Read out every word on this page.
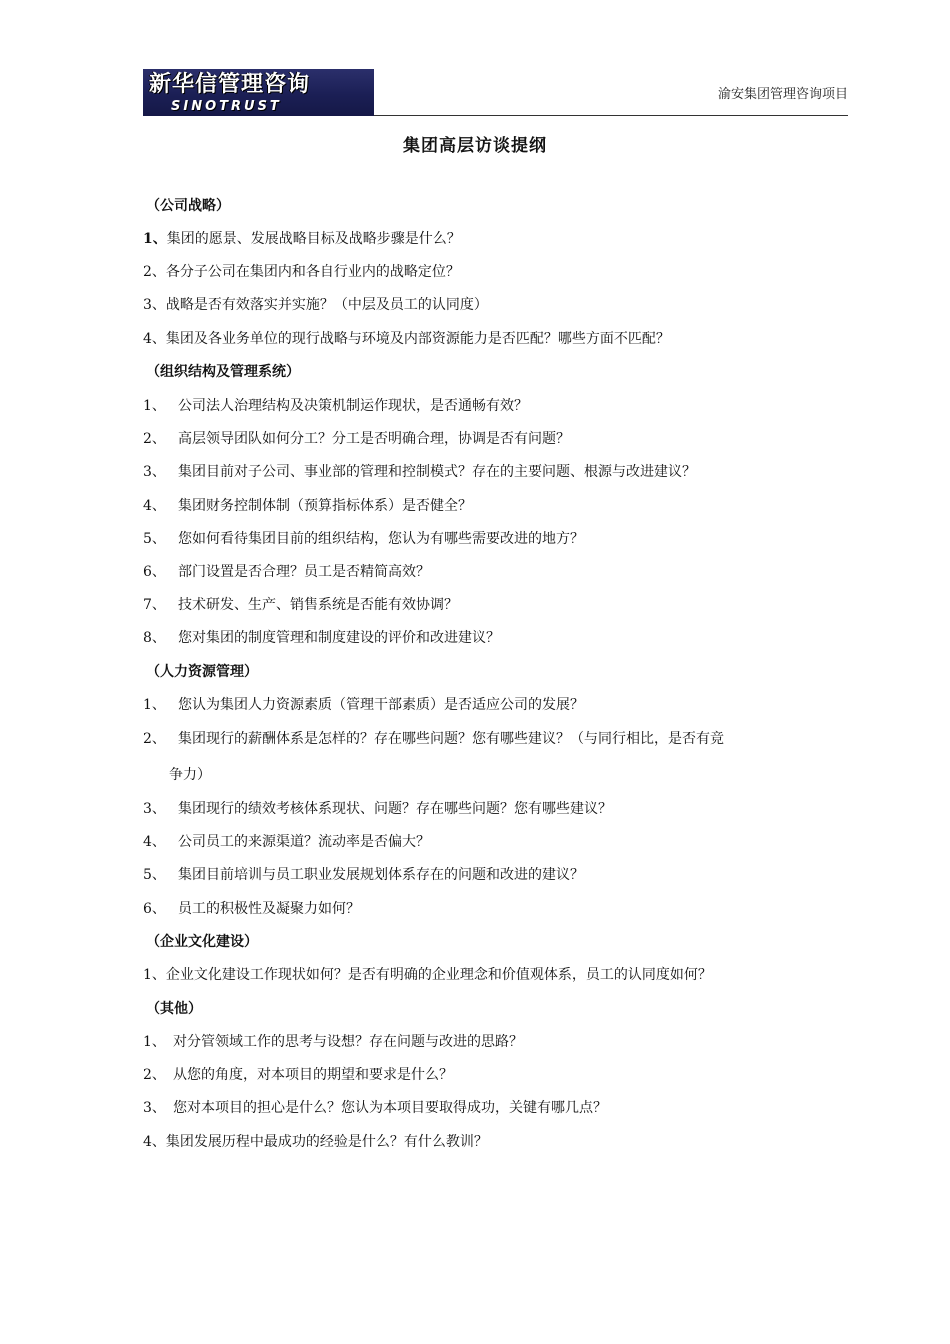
新华信管理咨询
SINOTRUST
渝安集团管理咨询项目
集团高层访谈提纲
（公司战略）
1、集团的愿景、发展战略目标及战略步骤是什么？
2、各分子公司在集团内和各自行业内的战略定位？
3、战略是否有效落实并实施？（中层及员工的认同度）
4、集团及各业务单位的现行战略与环境及内部资源能力是否匹配？哪些方面不匹配？
（组织结构及管理系统）
1、 公司法人治理结构及决策机制运作现状，是否通畅有效？
2、 高层领导团队如何分工？分工是否明确合理，协调是否有问题？
3、 集团目前对子公司、事业部的管理和控制模式？存在的主要问题、根源与改进建议？
4、 集团财务控制体制（预算指标体系）是否健全？
5、 您如何看待集团目前的组织结构，您认为有哪些需要改进的地方？
6、 部门设置是否合理？员工是否精简高效？
7、 技术研发、生产、销售系统是否能有效协调？
8、 您对集团的制度管理和制度建设的评价和改进建议？
（人力资源管理）
1、 您认为集团人力资源素质（管理干部素质）是否适应公司的发展？
2、 集团现行的薪酬体系是怎样的？存在哪些问题？您有哪些建议？（与同行相比，是否有竞
争力）
3、 集团现行的绩效考核体系现状、问题？存在哪些问题？您有哪些建议？
4、 公司员工的来源渠道？流动率是否偏大？
5、 集团目前培训与员工职业发展规划体系存在的问题和改进的建议？
6、 员工的积极性及凝聚力如何？
（企业文化建设）
1、企业文化建设工作现状如何？是否有明确的企业理念和价值观体系，员工的认同度如何？
（其他）
1、 对分管领域工作的思考与设想？存在问题与改进的思路？
2、 从您的角度，对本项目的期望和要求是什么？
3、 您对本项目的担心是什么？您认为本项目要取得成功，关键有哪几点？
4、集团发展历程中最成功的经验是什么？有什么教训？
